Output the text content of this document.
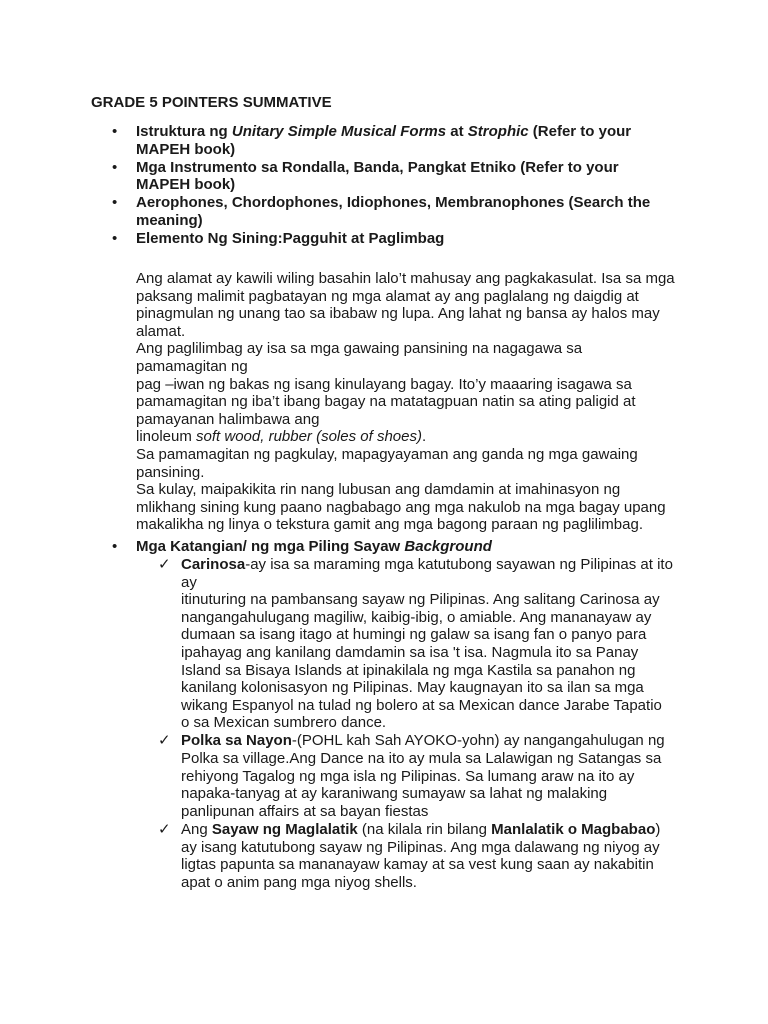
GRADE 5 POINTERS SUMMATIVE
• Istruktura ng Unitary Simple Musical Forms at Strophic (Refer to your
MAPEH book)
• Mga Instrumento sa Rondalla, Banda, Pangkat Etniko (Refer to your
MAPEH book)
• Aerophones, Chordophones, Idiophones, Membranophones (Search the
meaning)
• Elemento Ng Sining:Pagguhit at Paglimbag

Ang alamat ay kawili wiling basahin lalo’t mahusay ang pagkakasulat. Isa sa mga

paksang malimit pagbatayan ng mga alamat ay ang paglalang ng daigdig at

pinagmulan ng unang tao sa ibabaw ng lupa. Ang lahat ng bansa ay halos may

alamat.

Ang paglilimbag ay isa sa mga gawaing pansining na nagagawa sa

pamamagitan ng

pag –iwan ng bakas ng isang kinulayang bagay. Ito’y maaaring isagawa sa

pamamagitan ng iba’t ibang bagay na matatagpuan natin sa ating paligid at

pamayanan halimbawa ang

linoleum soft wood, rubber (soles of shoes).

Sa pamamagitan ng pagkulay, mapagyayaman ang ganda ng mga gawaing

pansining.

Sa kulay, maipakikita rin nang lubusan ang damdamin at imahinasyon ng

mlikhang sining kung paano nagbabago ang mga nakulob na mga bagay upang

makalikha ng linya o tekstura gamit ang mga bagong paraan ng paglilimbag.

• Mga Katangian/ ng mga Piling Sayaw Background
✓ Carinosa-ay isa sa maraming mga katutubong sayawan ng Pilipinas at ito
ay
itinuturing na pambansang sayaw ng Pilipinas. Ang salitang Carinosa ay
nangangahulugang magiliw, kaibig-ibig, o amiable. Ang mananayaw ay
dumaan sa isang itago at humingi ng galaw sa isang fan o panyo para
ipahayag ang kanilang damdamin sa isa 't isa. Nagmula ito sa Panay
Island sa Bisaya Islands at ipinakilala ng mga Kastila sa panahon ng
kanilang kolonisasyon ng Pilipinas. May kaugnayan ito sa ilan sa mga
wikang Espanyol na tulad ng bolero at sa Mexican dance Jarabe Tapatio
o sa Mexican sumbrero dance.
✓ Polka sa Nayon-(POHL kah Sah AYOKO-yohn) ay nangangahulugan ng
Polka sa village.Ang Dance na ito ay mula sa Lalawigan ng Satangas sa
rehiyong Tagalog ng mga isla ng Pilipinas. Sa lumang araw na ito ay
napaka-tanyag at ay karaniwang sumayaw sa lahat ng malaking
panlipunan affairs at sa bayan fiestas
✓ Ang Sayaw ng Maglalatik (na kilala rin bilang Manlalatik o Magbabao)
ay isang katutubong sayaw ng Pilipinas. Ang mga dalawang ng niyog ay
ligtas papunta sa mananayaw kamay at sa vest kung saan ay nakabitin
apat o anim pang mga niyog shells.
